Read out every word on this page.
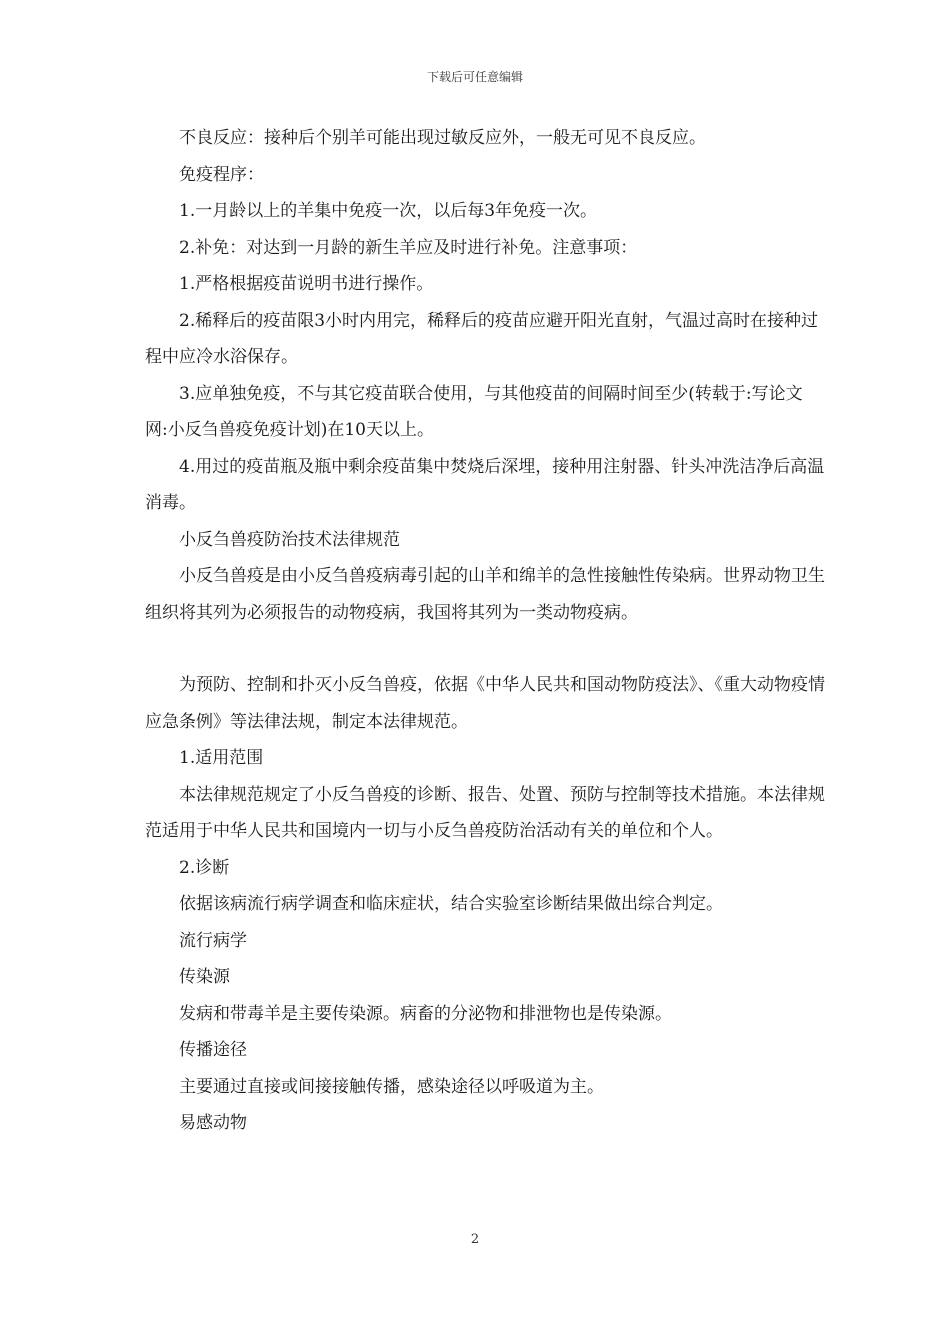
下载后可任意编辑

不良反应：接种后个别羊可能出现过敏反应外，一般无可见不良反应。

免疫程序：

1.一月龄以上的羊集中免疫一次，以后每3年免疫一次。

2.补免：对达到一月龄的新生羊应及时进行补免。注意事项：

1.严格根据疫苗说明书进行操作。

2.稀释后的疫苗限3小时内用完，稀释后的疫苗应避开阳光直射，气温过高时在接种过程中应冷水浴保存。

3.应单独免疫，不与其它疫苗联合使用，与其他疫苗的间隔时间至少(转载于:写论文网:小反刍兽疫免疫计划)在10天以上。

4.用过的疫苗瓶及瓶中剩余疫苗集中焚烧后深埋，接种用注射器、针头冲洗洁净后高温消毒。

小反刍兽疫防治技术法律规范

小反刍兽疫是由小反刍兽疫病毒引起的山羊和绵羊的急性接触性传染病。世界动物卫生组织将其列为必须报告的动物疫病，我国将其列为一类动物疫病。

为预防、控制和扑灭小反刍兽疫，依据《中华人民共和国动物防疫法》、《重大动物疫情应急条例》等法律法规，制定本法律规范。

1.适用范围

本法律规范规定了小反刍兽疫的诊断、报告、处置、预防与控制等技术措施。本法律规范适用于中华人民共和国境内一切与小反刍兽疫防治活动有关的单位和个人。

2.诊断

依据该病流行病学调查和临床症状，结合实验室诊断结果做出综合判定。

流行病学

传染源

发病和带毒羊是主要传染源。病畜的分泌物和排泄物也是传染源。

传播途径

主要通过直接或间接接触传播，感染途径以呼吸道为主。

易感动物

2
